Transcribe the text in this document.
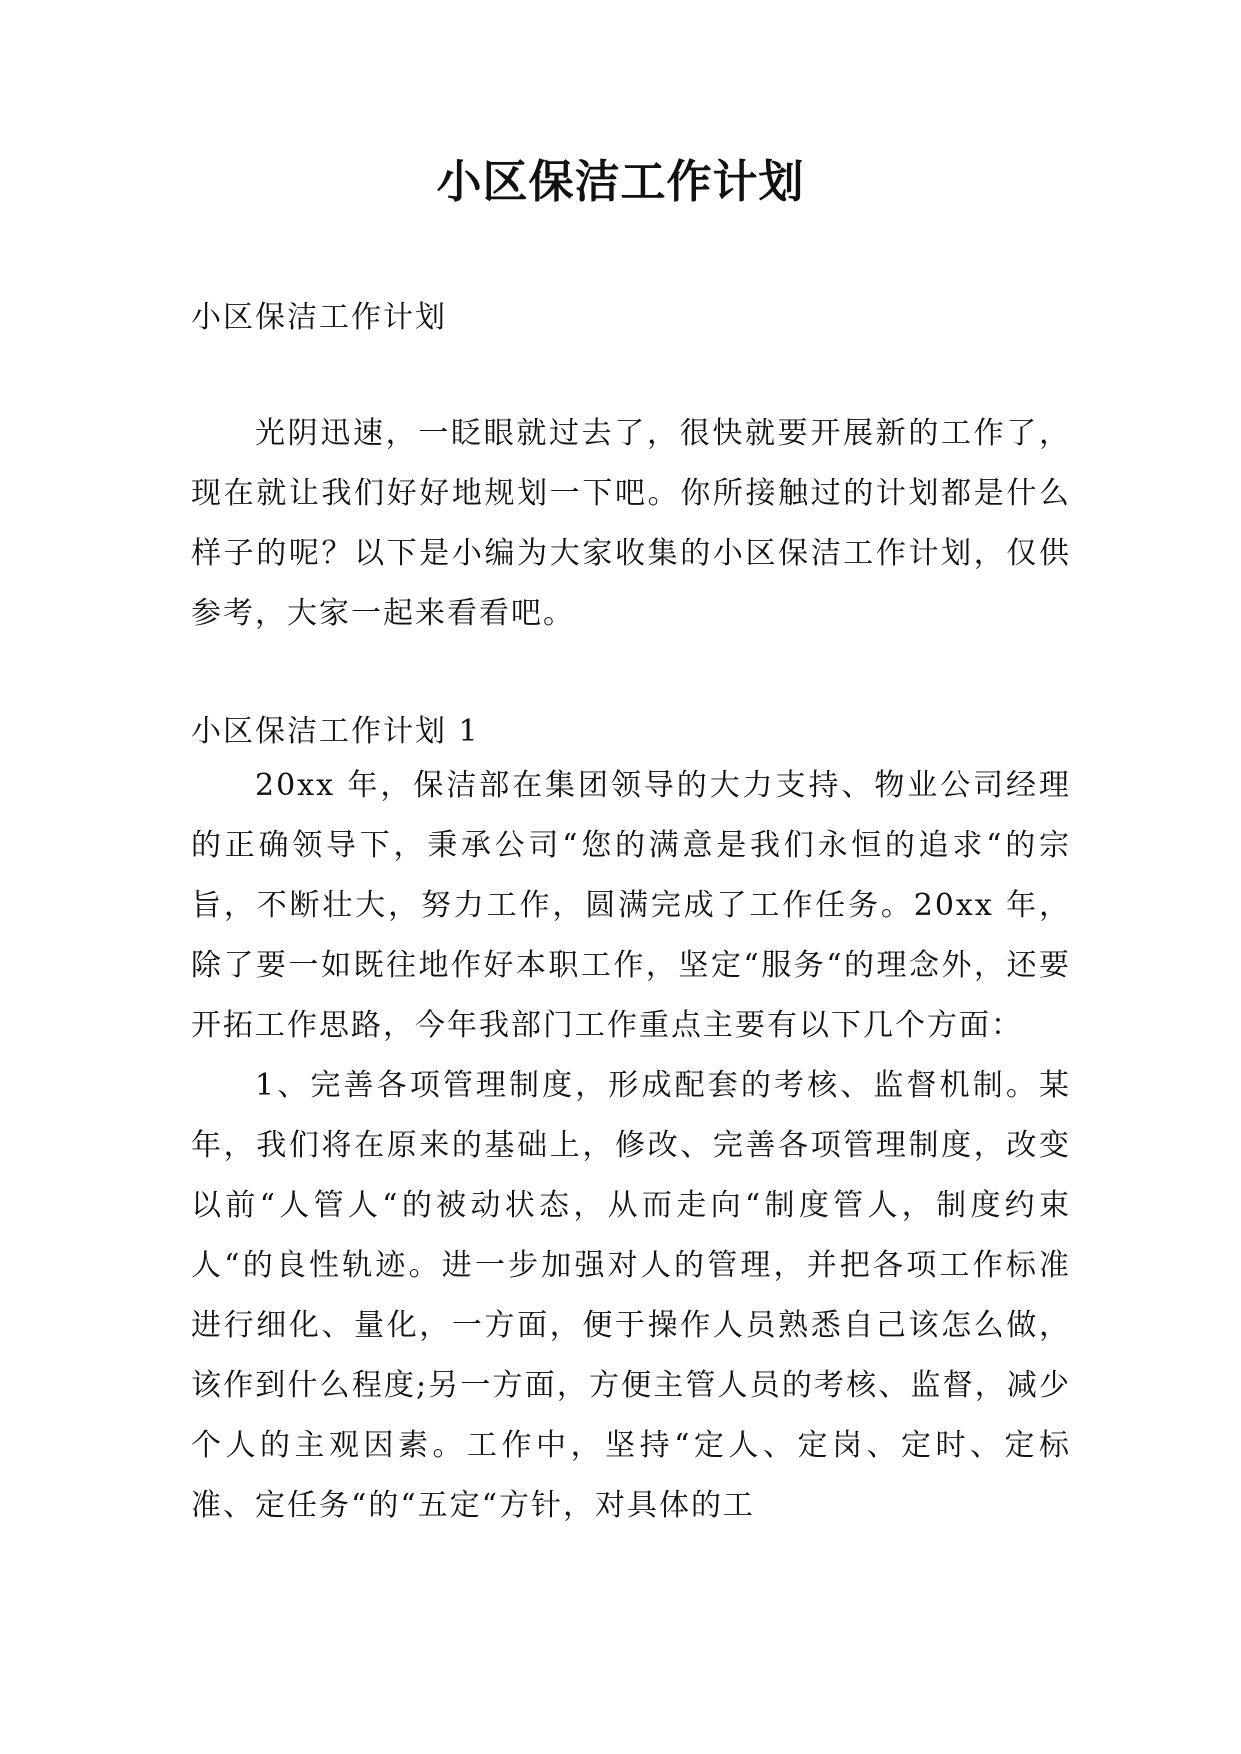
小区保洁工作计划

小区保洁工作计划

光阴迅速，一眨眼就过去了，很快就要开展新的工作了，现在就让我们好好地规划一下吧。你所接触过的计划都是什么样子的呢？以下是小编为大家收集的小区保洁工作计划，仅供参考，大家一起来看看吧。

小区保洁工作计划 1

20xx 年，保洁部在集团领导的大力支持、物业公司经理的正确领导下，秉承公司“您的满意是我们永恒的追求“的宗旨，不断壮大，努力工作，圆满完成了工作任务。20xx 年，除了要一如既往地作好本职工作，坚定“服务“的理念外，还要开拓工作思路，今年我部门工作重点主要有以下几个方面：

1、完善各项管理制度，形成配套的考核、监督机制。某年，我们将在原来的基础上，修改、完善各项管理制度，改变以前“人管人“的被动状态，从而走向“制度管人，制度约束人“的良性轨迹。进一步加强对人的管理，并把各项工作标准进行细化、量化，一方面，便于操作人员熟悉自己该怎么做，该作到什么程度;另一方面，方便主管人员的考核、监督，减少个人的主观因素。工作中，坚持“定人、定岗、定时、定标准、定任务“的“五定“方针，对具体的工
